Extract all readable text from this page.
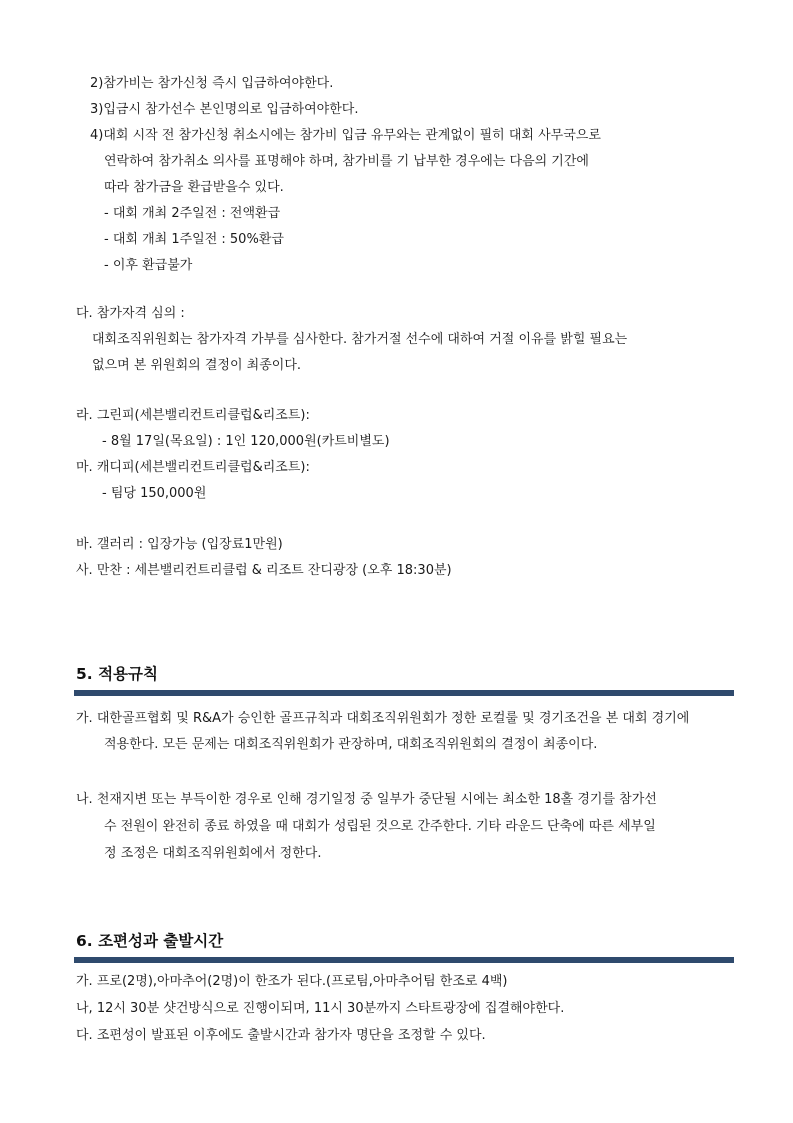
2)참가비는 참가신청 즉시 입금하여야한다.
3)입금시 참가선수 본인명의로 입금하여야한다.
4)대회 시작 전 참가신청 취소시에는 참가비 입금 유무와는 관계없이 필히 대회 사무국으로
연락하여 참가취소 의사를 표명해야 하며, 참가비를 기 납부한 경우에는 다음의 기간에
따라 참가금을 환급받을수 있다.
- 대회 개최 2주일전 : 전액환급
- 대회 개최 1주일전 : 50%환급
- 이후 환급불가
다. 참가자격 심의 :
대회조직위원회는 참가자격 가부를 심사한다. 참가거절 선수에 대하여 거절 이유를 밝힐 필요는
없으며 본 위원회의 결정이 최종이다.
라. 그린피(세븐밸리컨트리클럽&리조트):
- 8월 17일(목요일) : 1인 120,000원(카트비별도)
마. 캐디피(세븐밸리컨트리클럽&리조트):
- 팀당 150,000원
바. 갤러리 : 입장가능 (입장료1만원)
사. 만찬 : 세븐밸리컨트리클럽 & 리조트 잔디광장 (오후 18:30분)
5. 적용규칙
가. 대한골프협회 및 R&A가 승인한 골프규칙과 대회조직위원회가 정한 로컬룰 및 경기조건을 본 대회 경기에
적용한다. 모든 문제는 대회조직위원회가 관장하며, 대회조직위원회의 결정이 최종이다.
나. 천재지변 또는 부득이한 경우로 인해 경기일정 중 일부가 중단될 시에는 최소한 18홀 경기를 참가선
수 전원이 완전히 종료 하였을 때 대회가 성립된 것으로 간주한다. 기타 라운드 단축에 따른 세부일
정 조정은 대회조직위원회에서 정한다.
6. 조편성과 출발시간
가. 프로(2명),아마추어(2명)이 한조가 된다.(프로팀,아마추어팀 한조로 4백)
나, 12시 30분 샷건방식으로 진행이되며, 11시 30분까지 스타트광장에 집결해야한다.
다. 조편성이 발표된 이후에도 출발시간과 참가자 명단을 조정할 수 있다.
